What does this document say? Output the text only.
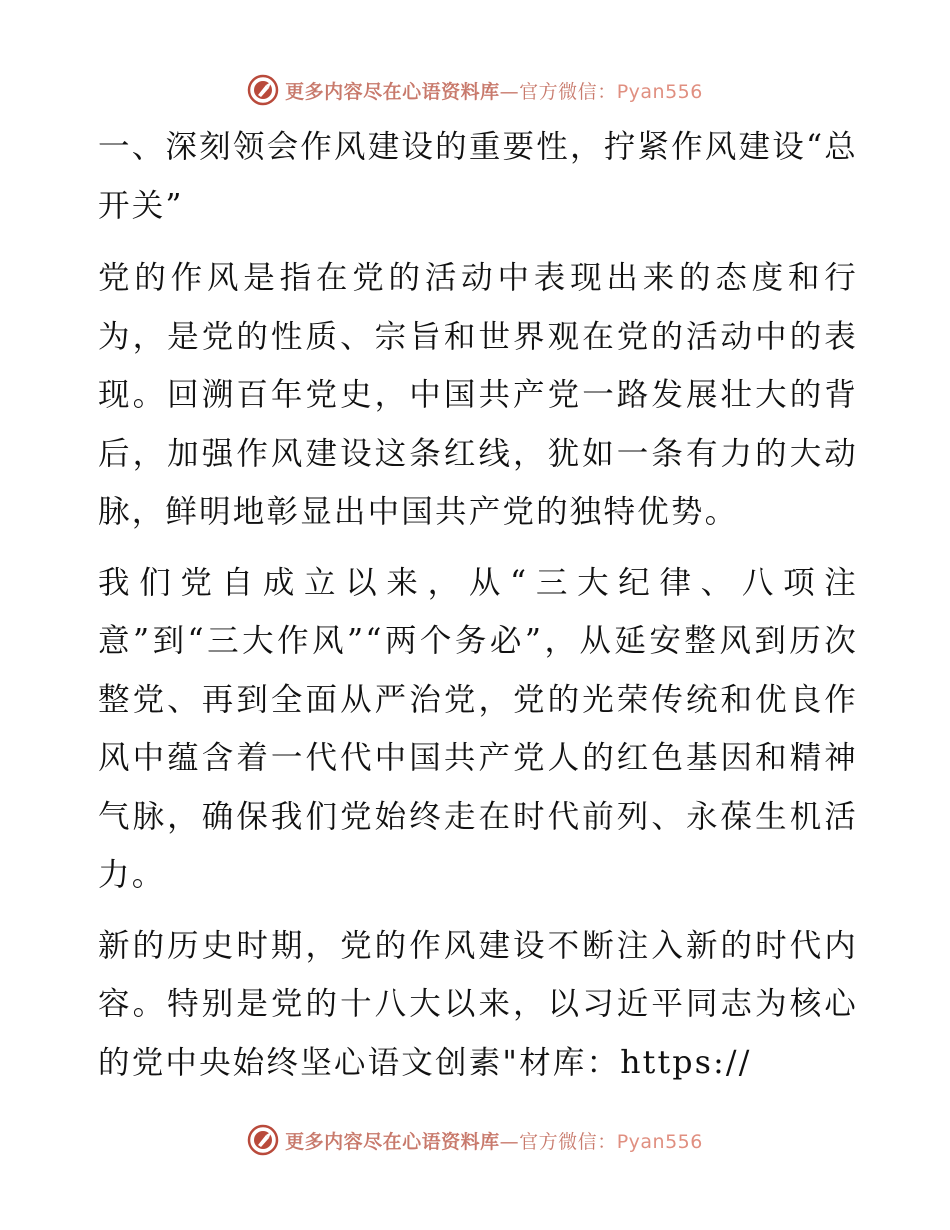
更多内容尽在心语资料库—官方微信：Pyan556

一、深刻领会作风建设的重要性，拧紧作风建设“总开关”

党的作风是指在党的活动中表现出来的态度和行为，是党的性质、宗旨和世界观在党的活动中的表现。回溯百年党史，中国共产党一路发展壮大的背后，加强作风建设这条红线，犹如一条有力的大动脉，鲜明地彰显出中国共产党的独特优势。

我们党自成立以来，从“三大纪律、八项注意”到“三大作风”“两个务必”，从延安整风到历次整党、再到全面从严治党，党的光荣传统和优良作风中蕴含着一代代中国共产党人的红色基因和精神气脉，确保我们党始终走在时代前列、永葆生机活力。

新的历史时期，党的作风建设不断注入新的时代内容。特别是党的十八大以来，以习近平同志为核心的党中央始终坚心语文创素"材库：https://

更多内容尽在心语资料库—官方微信：Pyan556
